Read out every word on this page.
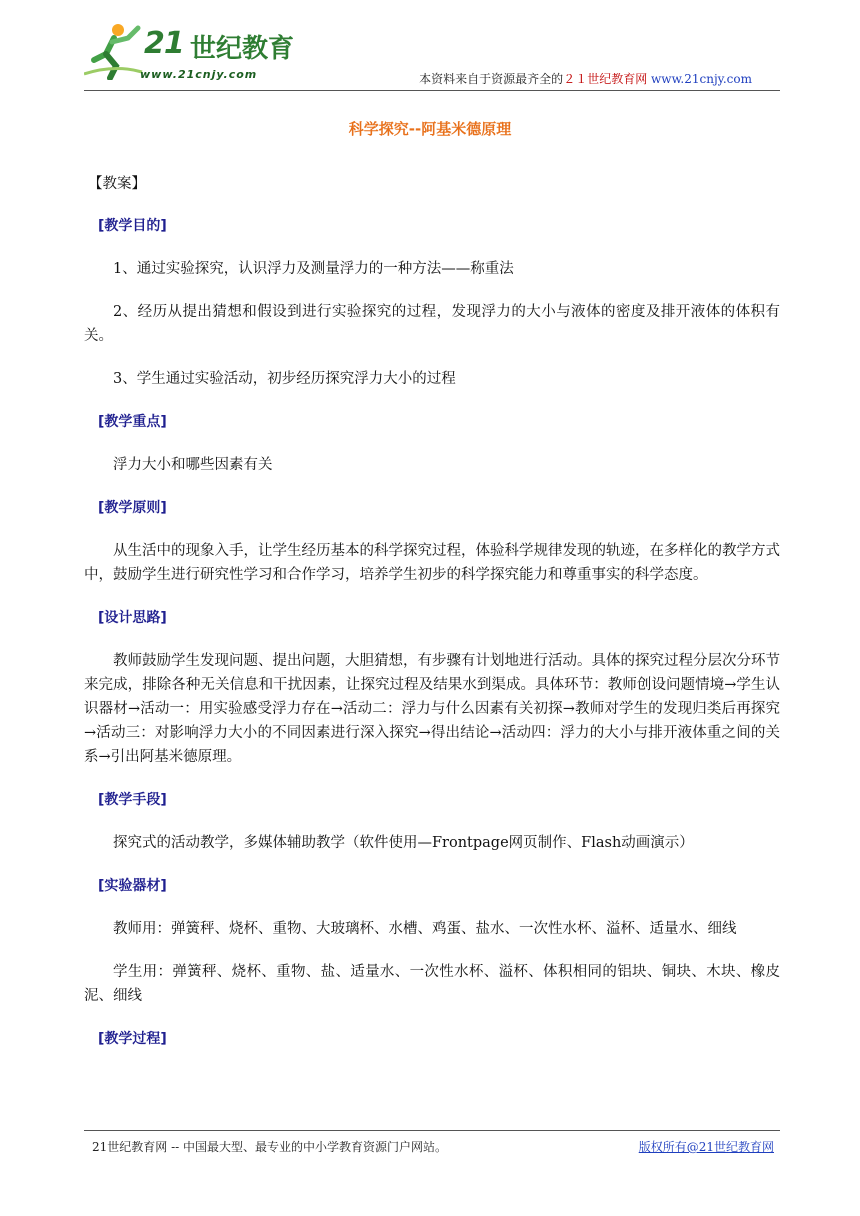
21 世纪教育
www.21cnjy.com	本资料来自于资源最齐全的２１世纪教育网 www.21cnjy.com
科学探究--阿基米德原理

【教案】

[教学目的]

1、通过实验探究，认识浮力及测量浮力的一种方法——称重法

2、经历从提出猜想和假设到进行实验探究的过程，发现浮力的大小与液体的密度及排开液体的体积有关。

3、学生通过实验活动，初步经历探究浮力大小的过程

[教学重点]

浮力大小和哪些因素有关

[教学原则]

从生活中的现象入手，让学生经历基本的科学探究过程，体验科学规律发现的轨迹，在多样化的教学方式中，鼓励学生进行研究性学习和合作学习，培养学生初步的科学探究能力和尊重事实的科学态度。

[设计思路]

教师鼓励学生发现问题、提出问题，大胆猜想，有步骤有计划地进行活动。具体的探究过程分层次分环节来完成，排除各种无关信息和干扰因素，让探究过程及结果水到渠成。具体环节：教师创设问题情境→学生认识器材→活动一：用实验感受浮力存在→活动二：浮力与什么因素有关初探→教师对学生的发现归类后再探究→活动三：对影响浮力大小的不同因素进行深入探究→得出结论→活动四：浮力的大小与排开液体重之间的关系→引出阿基米德原理。

[教学手段]

探究式的活动教学，多媒体辅助教学（软件使用—Frontpage网页制作、Flash动画演示）

[实验器材]

教师用：弹簧秤、烧杯、重物、大玻璃杯、水槽、鸡蛋、盐水、一次性水杯、溢杯、适量水、细线

学生用：弹簧秤、烧杯、重物、盐、适量水、一次性水杯、溢杯、体积相同的铝块、铜块、木块、橡皮泥、细线

[教学过程]

21世纪教育网 -- 中国最大型、最专业的中小学教育资源门户网站。	版权所有@21世纪教育网
